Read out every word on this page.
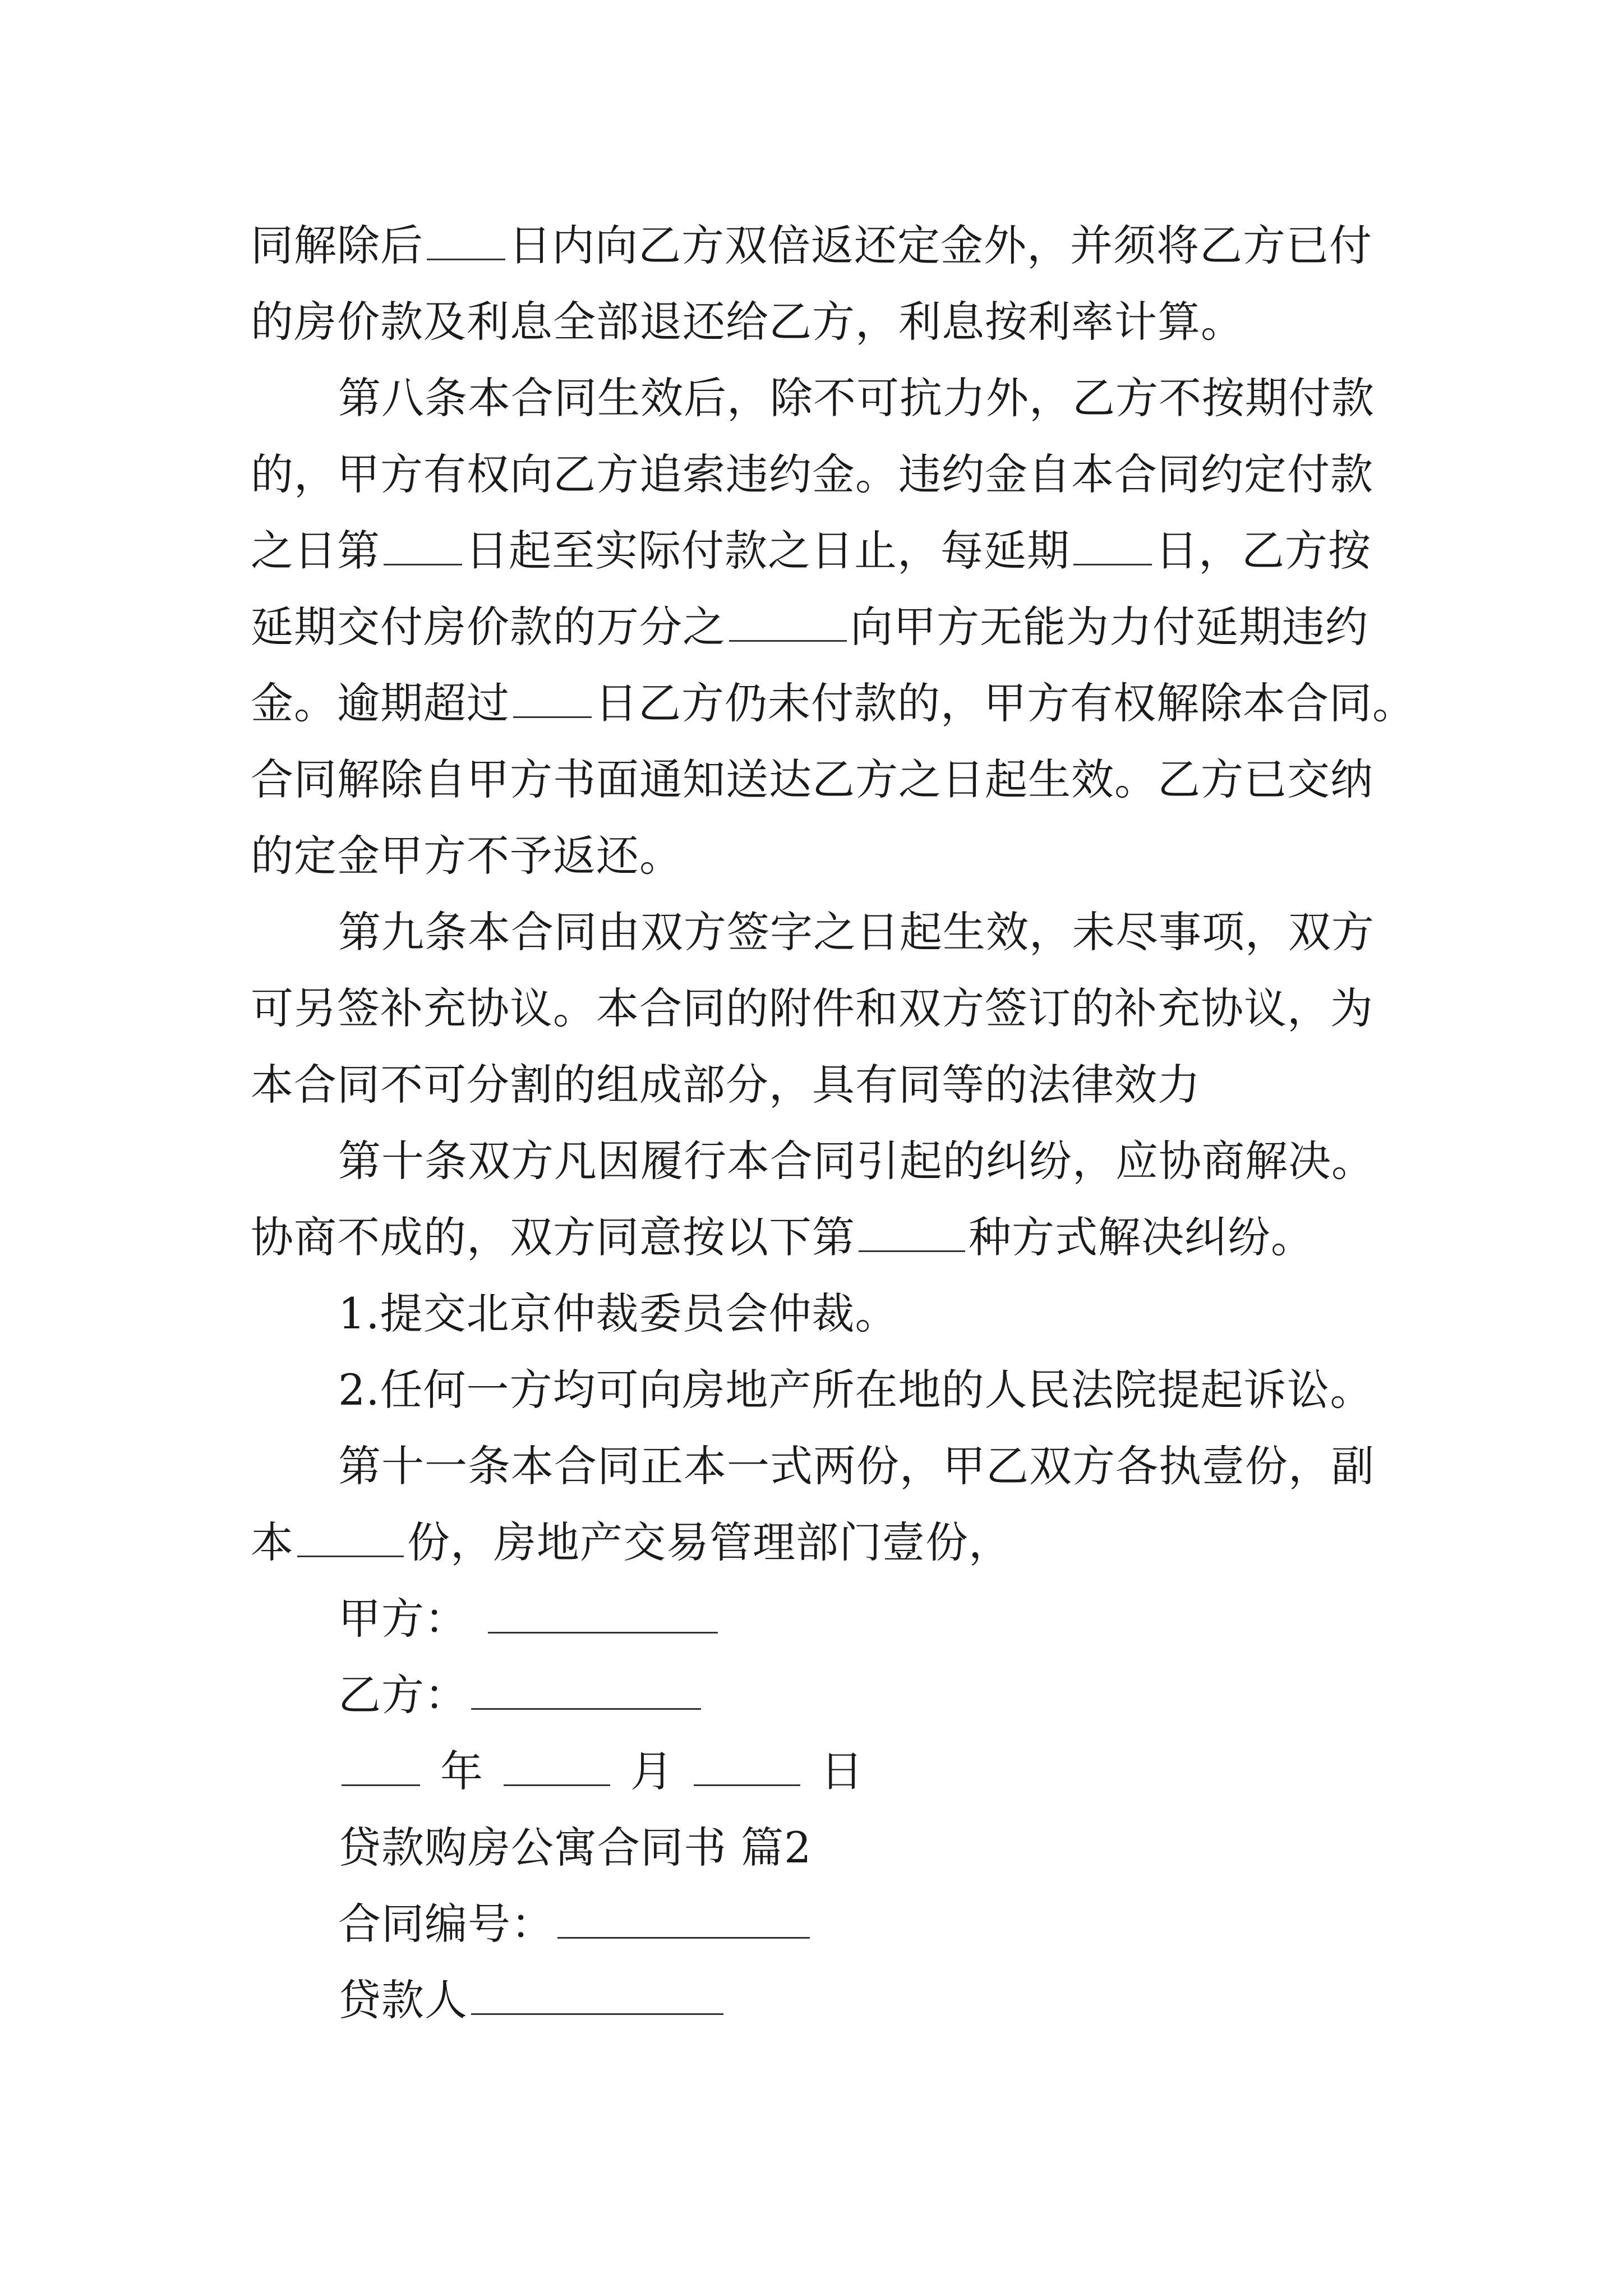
同解除后 日内向乙方双倍返还定金外，并须将乙方已付
的房价款及利息全部退还给乙方，利息按利率计算。
第八条本合同生效后，除不可抗力外，乙方不按期付款
的，甲方有权向乙方追索违约金。违约金自本合同约定付款
之日第 日起至实际付款之日止，每延期 日，乙方按
延期交付房价款的万分之	向甲方无能为力付延期违约
金。逾期超过 日乙方仍未付款的，甲方有权解除本合同。
合同解除自甲方书面通知送达乙方之日起生效。乙方已交纳
的定金甲方不予返还。
第九条本合同由双方签字之日起生效，未尽事项，双方
可另签补充协议。本合同的附件和双方签订的补充协议，为
本合同不可分割的组成部分，具有同等的法律效力
第十条双方凡因履行本合同引起的纠纷，应协商解决。
协商不成的，双方同意按以下第	种方式解决纠纷。
1.提交北京仲裁委员会仲裁。
2.任何一方均可向房地产所在地的人民法院提起诉讼。
第十一条本合同正本一式两份，甲乙双方各执壹份，副
本	份，房地产交易管理部门壹份，
甲方：
乙方：
年	月	日
贷款购房公寓合同书 篇2
合同编号：
贷款人
